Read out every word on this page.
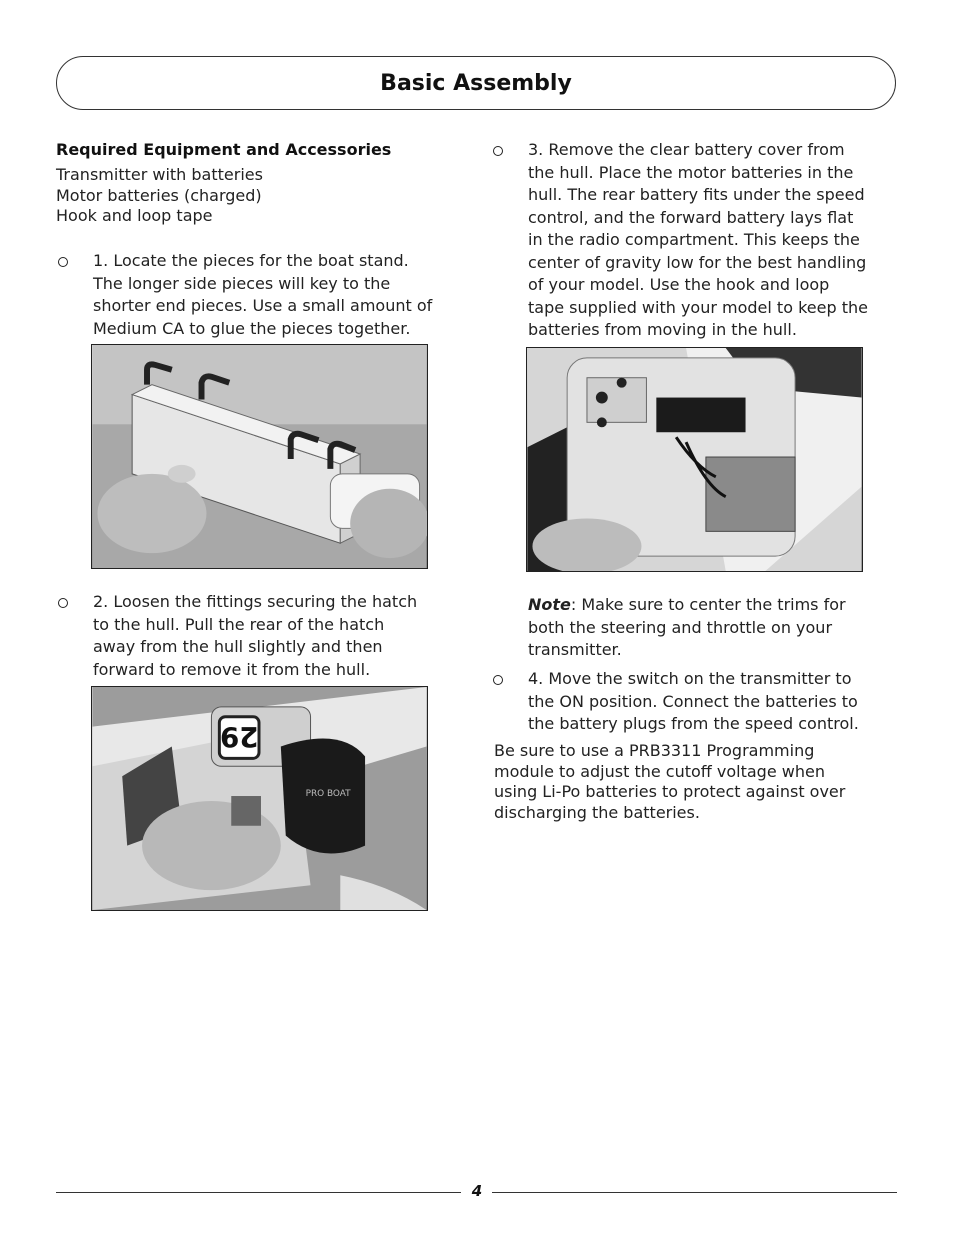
Basic Assembly
Required Equipment and Accessories
Transmitter with batteries
Motor batteries (charged)
Hook and loop tape
1. Locate the pieces for the boat stand.
The longer side pieces will key to the
shorter end pieces. Use a small amount of
Medium CA to glue the pieces together.
2. Loosen the fittings securing the hatch
to the hull. Pull the rear of the hatch
away from the hull slightly and then
forward to remove it from the hull.
29
PRO BOAT
3. Remove the clear battery cover from
the hull. Place the motor batteries in the
hull. The rear battery fits under the speed
control, and the forward battery lays flat
in the radio compartment. This keeps the
center of gravity low for the best handling
of your model. Use the hook and loop
tape supplied with your model to keep the
batteries from moving in the hull.
Note: Make sure to center the trims for
both the steering and throttle on your
transmitter.
4. Move the switch on the transmitter to
the ON position. Connect the batteries to
the battery plugs from the speed control.
Be sure to use a PRB3311 Programming
module to adjust the cutoff voltage when
using Li-Po batteries to protect against over
discharging the batteries.
4
